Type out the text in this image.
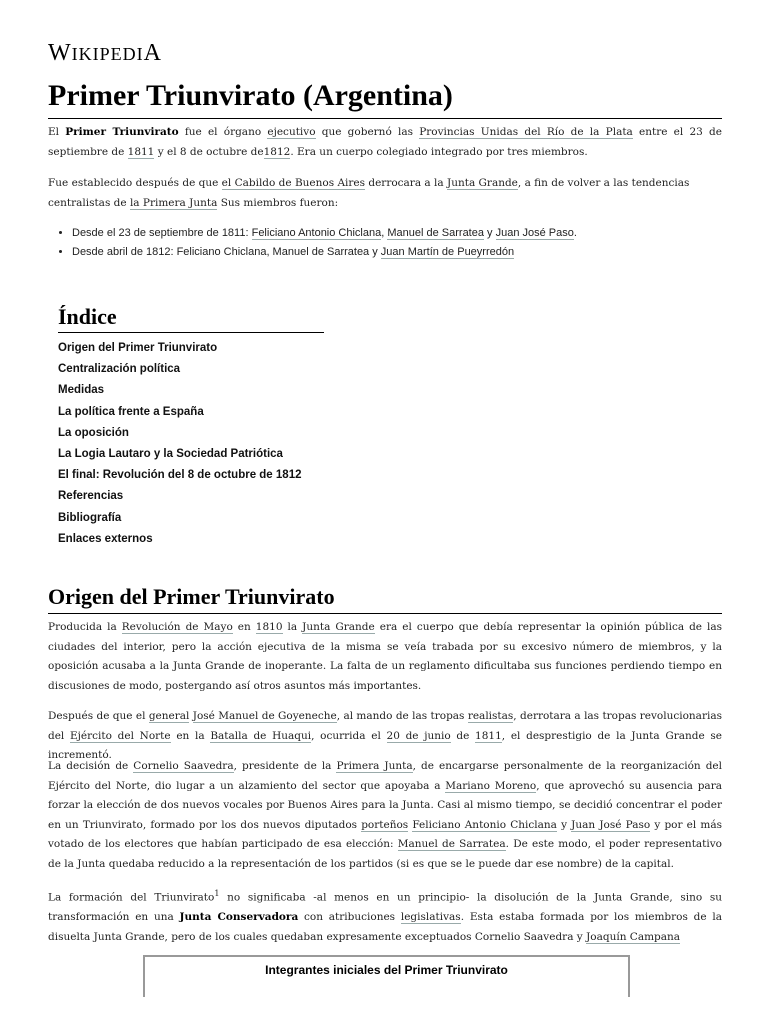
WIKIPEDIA
Primer Triunvirato (Argentina)

El Primer Triunvirato fue el órgano ejecutivo que gobernó las Provincias Unidas del Río de la Plata entre el 23 de septiembre de 1811 y el 8 de octubre de1812. Era un cuerpo colegiado integrado por tres miembros.

Fue establecido después de que el Cabildo de Buenos Aires derrocara a la Junta Grande, a fin de volver a las tendencias centralistas de la Primera Junta Sus miembros fueron:

• Desde el 23 de septiembre de 1811: Feliciano Antonio Chiclana, Manuel de Sarratea y Juan José Paso.
• Desde abril de 1812: Feliciano Chiclana, Manuel de Sarratea y Juan Martín de Pueyrredón
Índice
Origen del Primer Triunvirato
Centralización política
Medidas
La política frente a España
La oposición
La Logia Lautaro y la Sociedad Patriótica
El final: Revolución del 8 de octubre de 1812
Referencias
Bibliografía
Enlaces externos
Origen del Primer Triunvirato

Producida la Revolución de Mayo en 1810 la Junta Grande era el cuerpo que debía representar la opinión pública de las ciudades del interior, pero la acción ejecutiva de la misma se veía trabada por su excesivo número de miembros, y la oposición acusaba a la Junta Grande de inoperante. La falta de un reglamento dificultaba sus funciones perdiendo tiempo en discusiones de modo, postergando así otros asuntos más importantes.

Después de que el general José Manuel de Goyeneche, al mando de las tropas realistas, derrotara a las tropas revolucionarias del Ejército del Norte en la Batalla de Huaqui, ocurrida el 20 de junio de 1811, el desprestigio de la Junta Grande se incrementó.

La decisión de Cornelio Saavedra, presidente de la Primera Junta, de encargarse personalmente de la reorganización del Ejército del Norte, dio lugar a un alzamiento del sector que apoyaba a Mariano Moreno, que aprovechó su ausencia para forzar la elección de dos nuevos vocales por Buenos Aires para la Junta. Casi al mismo tiempo, se decidió concentrar el poder en un Triunvirato, formado por los dos nuevos diputados porteños Feliciano Antonio Chiclana y Juan José Paso y por el más votado de los electores que habían participado de esa elección: Manuel de Sarratea. De este modo, el poder representativo de la Junta quedaba reducido a la representación de los partidos (si es que se le puede dar ese nombre) de la capital.

La formación del Triunvirato$^1$ no significaba -al menos en un principio- la disolución de la Junta Grande, sino su transformación en una Junta Conservadora con atribuciones legislativas. Esta estaba formada por los miembros de la disuelta Junta Grande, pero de los cuales quedaban expresamente exceptuados Cornelio Saavedra y Joaquín Campana

Integrantes iniciales del Primer Triunvirato
